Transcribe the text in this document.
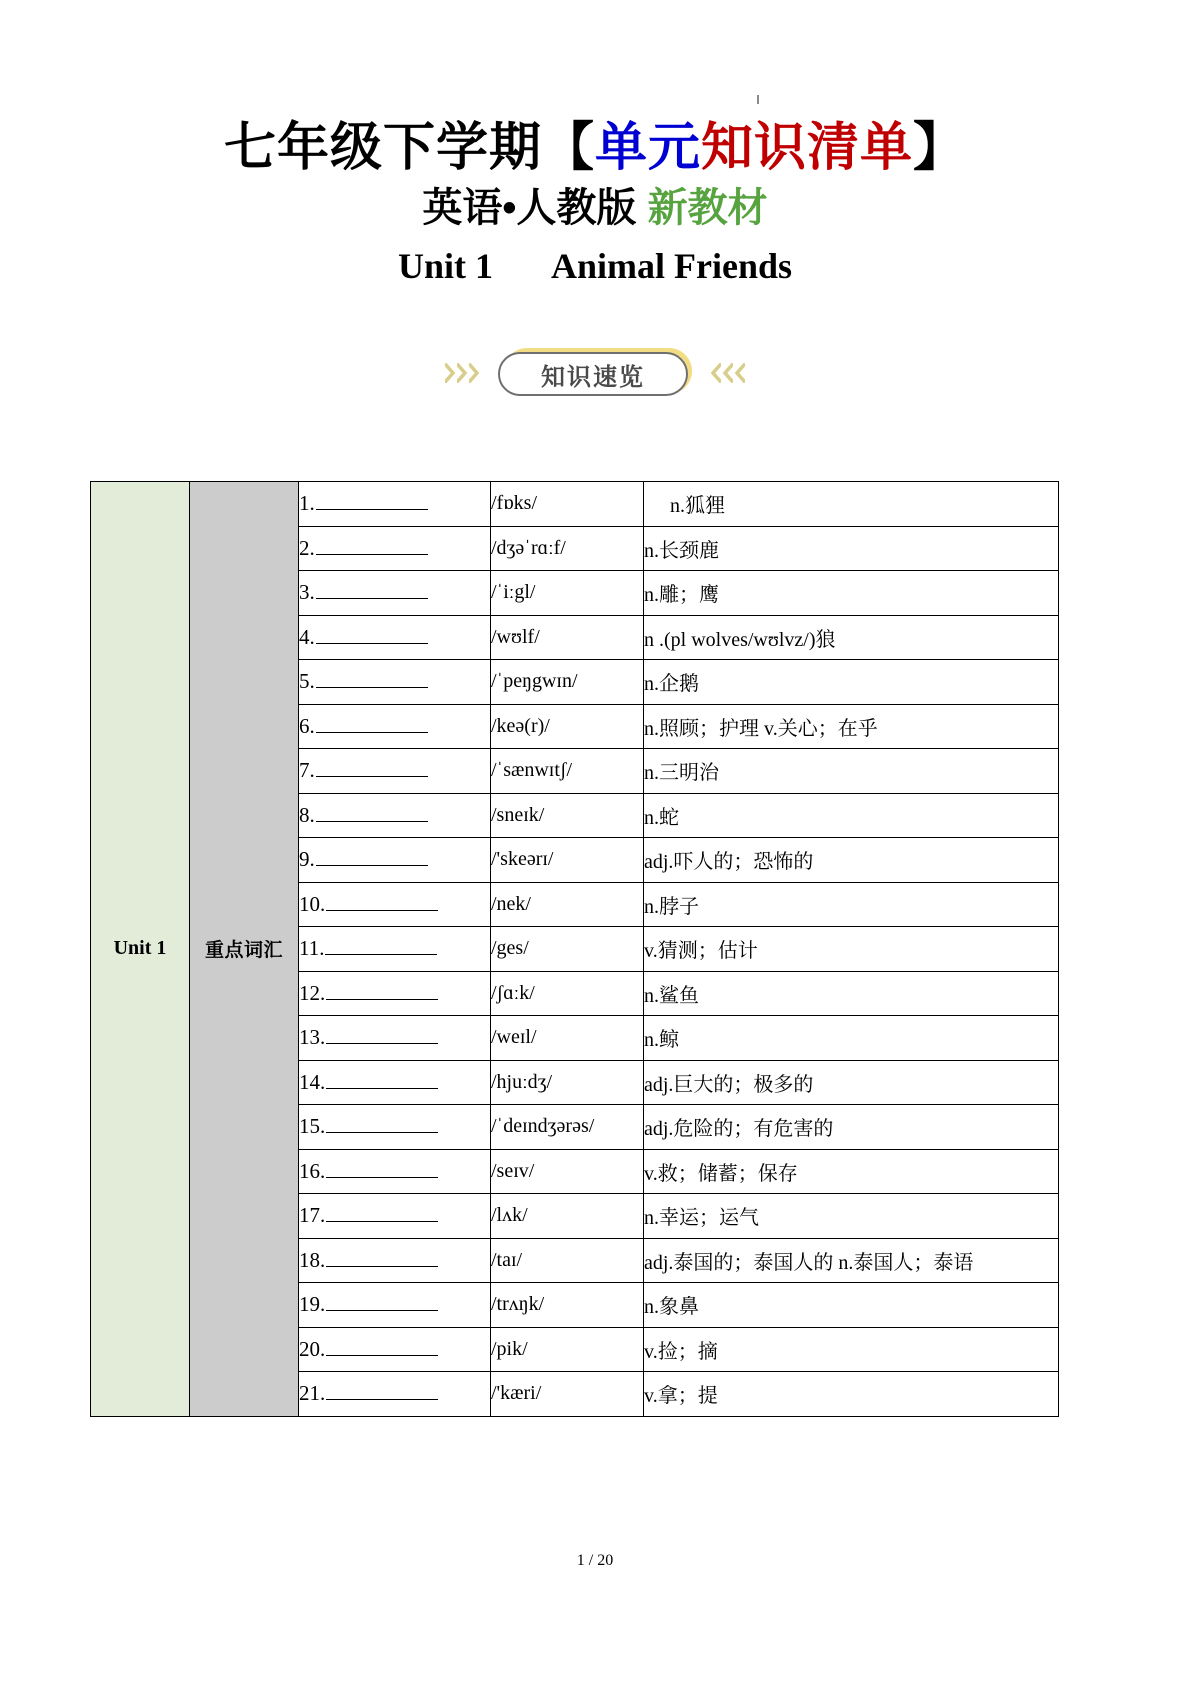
七年级下学期【单元知识清单】
英语•人教版 新教材
Unit 1 Animal Friends
知识速览
Unit 1	重点词汇	1.	/fɒks/	n.狐狸

		2.	/dʒəˈrɑːf/	n.长颈鹿

		3.	/ˈiːgl/	n.雕；鹰

		4.	/wʊlf/	n .(pl wolves/wʊlvz/)狼

		5.	/ˈpeŋgwɪn/	n.企鹅

		6.	/keə(r)/	n.照顾；护理 v.关心；在乎

		7.	/ˈsænwɪtʃ/	n.三明治

		8.	/sneɪk/	n.蛇

		9.	/'skeərɪ/	adj.吓人的；恐怖的

		10.	/nek/	n.脖子

		11.	/ges/	v.猜测；估计

		12.	/ʃɑːk/	n.鲨鱼

		13.	/weɪl/	n.鲸

		14.	/hjuːdʒ/	adj.巨大的；极多的

		15.	/ˈdeɪndʒərəs/	adj.危险的；有危害的

		16.	/seɪv/	v.救；储蓄；保存

		17.	/lʌk/	n.幸运；运气

		18.	/taɪ/	adj.泰国的；泰国人的 n.泰国人；泰语

		19.	/trʌŋk/	n.象鼻

		20.	/pik/	v.捡；摘

		21.	/'kæri/	v.拿；提
1 / 20
